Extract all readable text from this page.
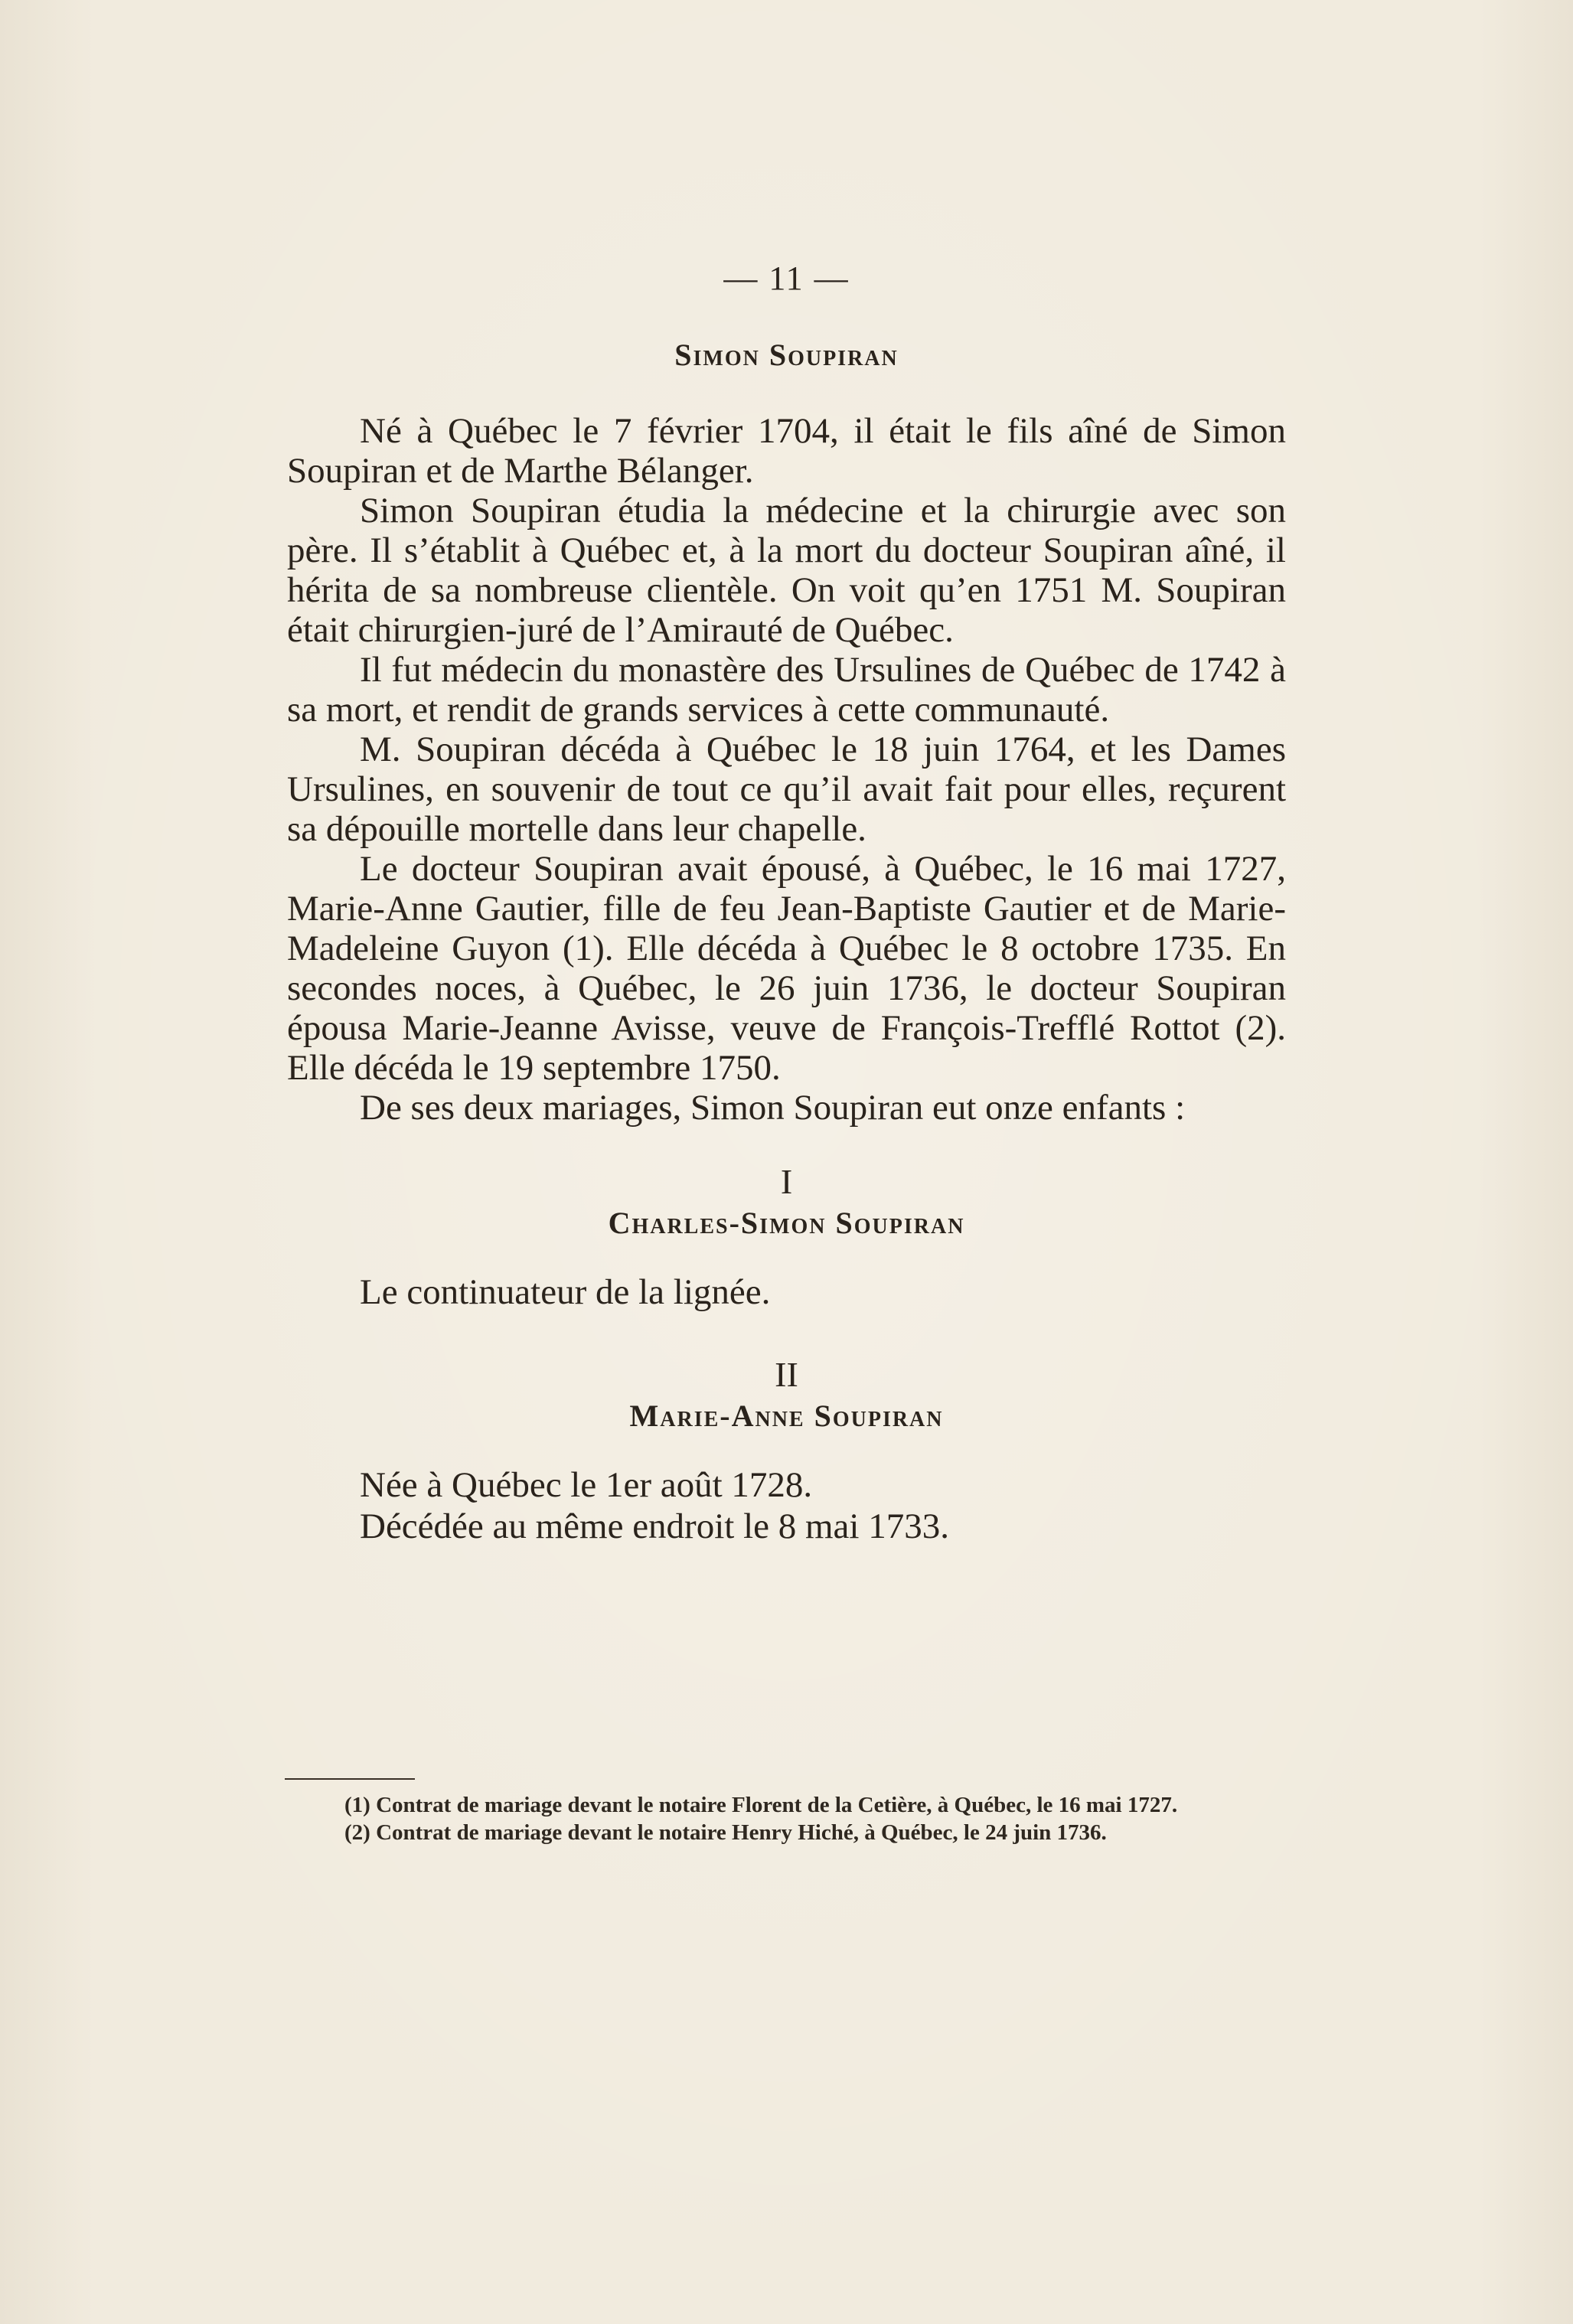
— 11 —
Simon Soupiran

Né à Québec le 7 février 1704, il était le fils aîné de Simon Soupiran et de Marthe Bélanger.

Simon Soupiran étudia la médecine et la chirurgie avec son père. Il s’établit à Québec et, à la mort du docteur Soupiran aîné, il hérita de sa nombreuse clientèle. On voit qu’en 1751 M. Soupiran était chirurgien-juré de l’Amirauté de Québec.

Il fut médecin du monastère des Ursulines de Québec de 1742 à sa mort, et rendit de grands services à cette communauté.

M. Soupiran décéda à Québec le 18 juin 1764, et les Dames Ursulines, en souvenir de tout ce qu’il avait fait pour elles, reçurent sa dépouille mortelle dans leur chapelle.

Le docteur Soupiran avait épousé, à Québec, le 16 mai 1727, Marie-Anne Gautier, fille de feu Jean-Baptiste Gautier et de Marie-Madeleine Guyon (1). Elle décéda à Québec le 8 octobre 1735. En secondes noces, à Québec, le 26 juin 1736, le docteur Soupiran épousa Marie-Jeanne Avisse, veuve de François-Trefflé Rottot (2). Elle décéda le 19 septembre 1750.

De ses deux mariages, Simon Soupiran eut onze enfants :

I
Charles-Simon Soupiran

Le continuateur de la lignée.

II
Marie-Anne Soupiran

Née à Québec le 1er août 1728.

Décédée au même endroit le 8 mai 1733.

(1) Contrat de mariage devant le notaire Florent de la Cetière, à Québec, le 16 mai 1727.

(2) Contrat de mariage devant le notaire Henry Hiché, à Québec, le 24 juin 1736.
